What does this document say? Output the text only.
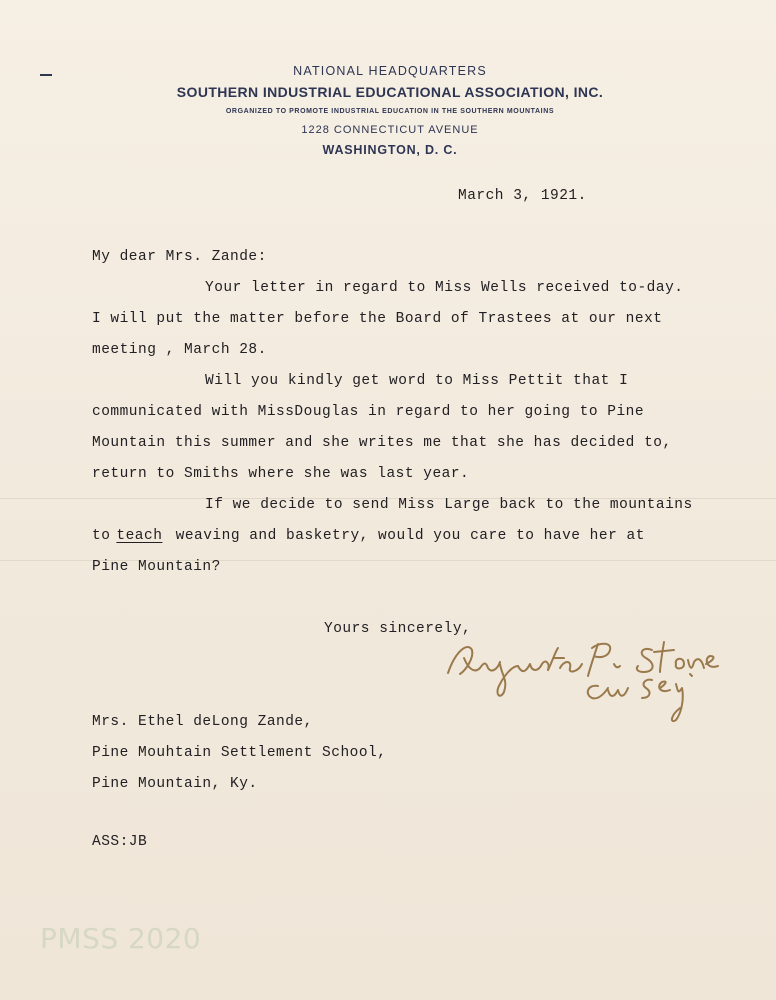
NATIONAL HEADQUARTERS

SOUTHERN INDUSTRIAL EDUCATIONAL ASSOCIATION, INC.

ORGANIZED TO PROMOTE INDUSTRIAL EDUCATION IN THE SOUTHERN MOUNTAINS

1228 CONNECTICUT AVENUE

WASHINGTON, D. C.

March 3, 1921.

My dear Mrs. Zande:

Your letter in regard to Miss Wells received to-day.

I will put the matter before the Board of Trastees at our next

meeting , March 28.

Will you kindly get word to Miss Pettit that I

communicated with MissDouglas in regard to her going to Pine

Mountain this summer and she writes me that she has decided to,

return to Smiths where she was last year.

If we decide to send Miss Large back to the mountains

to teach weaving and basketry, would you care to have her at

Pine Mountain?

Yours sincerely,

Mrs. Ethel deLong Zande,

Pine Mouhtain Settlement School,

Pine Mountain, Ky.

ASS:JB

PMSS 2020
